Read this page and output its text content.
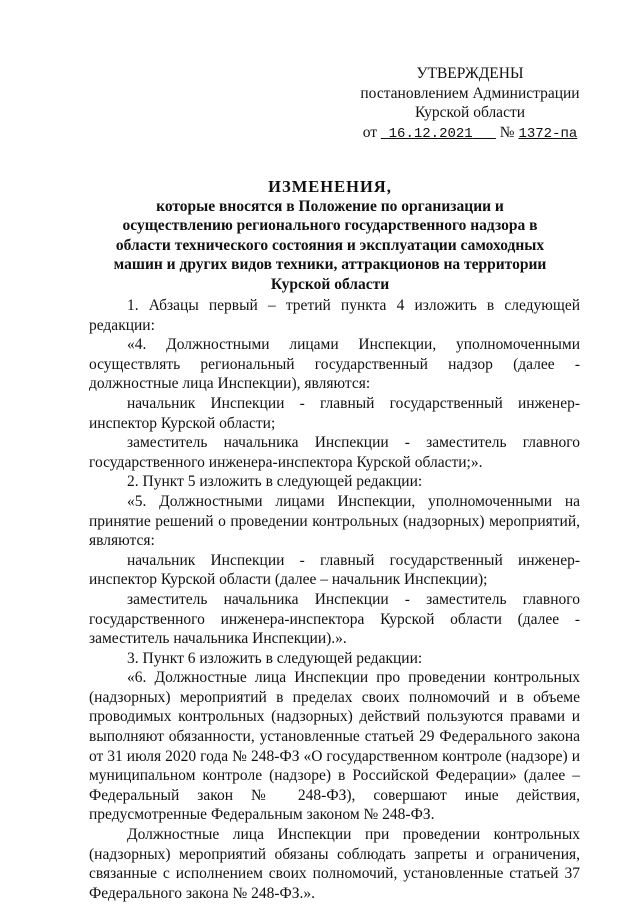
УТВЕРЖДЕНЫ
постановлением Администрации
Курской области
от 16.12.2021 № 1372-па
ИЗМЕНЕНИЯ,
которые вносятся в Положение по организации и осуществлению регионального государственного надзора в области технического состояния и эксплуатации самоходных машин и других видов техники, аттракционов на территории Курской области

1. Абзацы первый – третий пункта 4 изложить в следующей редакции:

«4. Должностными лицами Инспекции, уполномоченными осуществлять региональный государственный надзор (далее - должностные лица Инспекции), являются:

начальник Инспекции - главный государственный инженер-инспектор Курской области;

заместитель начальника Инспекции - заместитель главного государственного инженера-инспектора Курской области;».

2. Пункт 5 изложить в следующей редакции:

«5. Должностными лицами Инспекции, уполномоченными на принятие решений о проведении контрольных (надзорных) мероприятий, являются:

начальник Инспекции - главный государственный инженер-инспектор Курской области (далее – начальник Инспекции);

заместитель начальника Инспекции - заместитель главного государственного инженера-инспектора Курской области (далее - заместитель начальника Инспекции).».

3. Пункт 6 изложить в следующей редакции:

«6. Должностные лица Инспекции про проведении контрольных (надзорных) мероприятий в пределах своих полномочий и в объеме проводимых контрольных (надзорных) действий пользуются правами и выполняют обязанности, установленные статьей 29 Федерального закона от 31 июля 2020 года № 248-ФЗ «О государственном контроле (надзоре) и муниципальном контроле (надзоре) в Российской Федерации» (далее – Федеральный закон № 248-ФЗ), совершают иные действия, предусмотренные Федеральным законом № 248-ФЗ.

Должностные лица Инспекции при проведении контрольных (надзорных) мероприятий обязаны соблюдать запреты и ограничения, связанные с исполнением своих полномочий, установленные статьей 37 Федерального закона № 248-ФЗ.».
